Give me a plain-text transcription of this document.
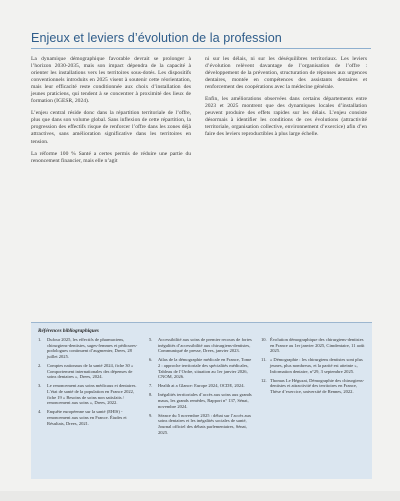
Enjeux et leviers d’évolution de la profession

La dynamique démographique favorable devrait se prolonger à l’horizon 2030-2035, mais son impact dépendra de la capacité à orienter les installations vers les territoires sous-dotés. Les dispositifs conventionnels introduits en 2025 visent à soutenir cette réorientation, mais leur efficacité reste conditionnée aux choix d’installation des jeunes praticiens, qui tendent à se concentrer à proximité des lieux de formation (IGESR, 2024).

L’enjeu central réside donc dans la répartition territoriale de l’offre, plus que dans son volume global. Sans inflexion de cette répartition, la progression des effectifs risque de renforcer l’offre dans les zones déjà attractives, sans amélioration significative dans les territoires en tension.

La réforme 100 % Santé a certes permis de réduire une partie du renoncement financier, mais elle n’agit

ni sur les délais, ni sur les déséquilibres territoriaux. Les leviers d’évolution relèvent davantage de l’organisation de l’offre : développement de la prévention, structuration de réponses aux urgences dentaires, montée en compétences des assistants dentaires et renforcement des coopérations avec la médecine générale.

Enfin, les améliorations observées dans certains départements entre 2023 et 2025 montrent que des dynamiques locales d’installation peuvent produire des effets rapides sur les délais. L’enjeu consiste désormais à identifier les conditions de ces évolutions (attractivité territoriale, organisation collective, environnement d’exercice) afin d’en faire des leviers reproductibles à plus large échelle.

Références bibliographiques
1. Dufour 2025, les effectifs de pharmaciens, chirurgiens-dentistes, sages-femmes et pédicures-podologues continuent d’augmenter, Drees, 28 juillet 2025.
2. Comptes nationaux de la santé 2024, fiche 30 « Comportement internationales des dépenses de soins dentaires », Drees, 2024.
3. Le renoncement aux soins médicaux et dentaires. L’état de santé de la population en France 2022, fiche 19 « Besoins de soins non satisfaits / renoncement aux soins », Drees, 2022.
4. Enquête européenne sur la santé (EHIS) - renoncement aux soins en France. Études et Résultats, Drees, 2021.
5. Accessibilité aux soins de premier recours de fortes inégalités d’accessibilité aux chirurgiens-dentistes, Communiqué de presse, Drees, janvier 2023.
6. Atlas de la démographie médicale en France, Tome 2 : approche territoriale des spécialités médicales, Tableau de l’Ordre, situation au 1er janvier 2026, CNOM, 2026.
7. Health at a Glance: Europe 2024, OCDE, 2024.
8. Inégalités territoriales d’accès aux soins aux grands maux, les grands remèdes, Rapport n° 137, Sénat, novembre 2024.
9. Séance du 5 novembre 2025 : débat sur l’accès aux soins dentaires et les inégalités sociales de santé, Journal officiel des débats parlementaires, Sénat, 2025.
10. Évolution démographique des chirurgiens-dentistes en France au 1er janvier 2025, Cimdentaire, 11 août 2025.
11. « Démographie : les chirurgiens dentistes sont plus jeunes, plus nombreux, et la parité est atteinte », Information dentaire, n°29, 3 septembre 2025.
12. Thomas Le Héguzat, Démographie des chirurgiens-dentistes et attractivité des territoires en France, Thèse d’exercice, université de Rennes, 2022.
